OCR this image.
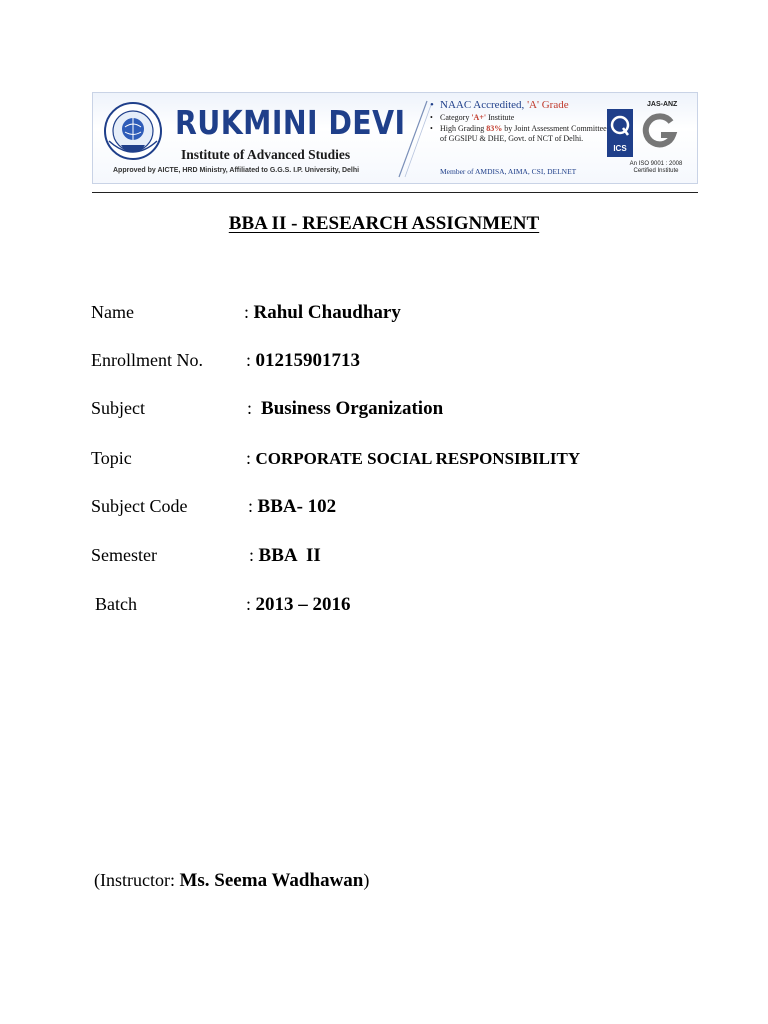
RUKMINI DEVI
Institute of Advanced Studies
Approved by AICTE, HRD Ministry, Affiliated to G.G.S. I.P. University, Delhi
• NAAC Accredited, 'A' Grade
• Category 'A+' Institute
• High Grading 83% by Joint Assessment Committee of GGSIPU & DHE, Govt. of NCT of Delhi.
Member of AMDISA, AIMA, CSI, DELNET
ICS
JAS-ANZ
An ISO 9001 : 2008 Certified Institute
BBA II - RESEARCH ASSIGNMENT
Name	: Rahul Chaudhary
Enrollment No. : 01215901713
Subject	: Business Organization
Topic	: CORPORATE SOCIAL RESPONSIBILITY
Subject Code	: BBA- 102
Semester	: BBA  II
Batch	: 2013 – 2016
(Instructor: Ms. Seema Wadhawan)
